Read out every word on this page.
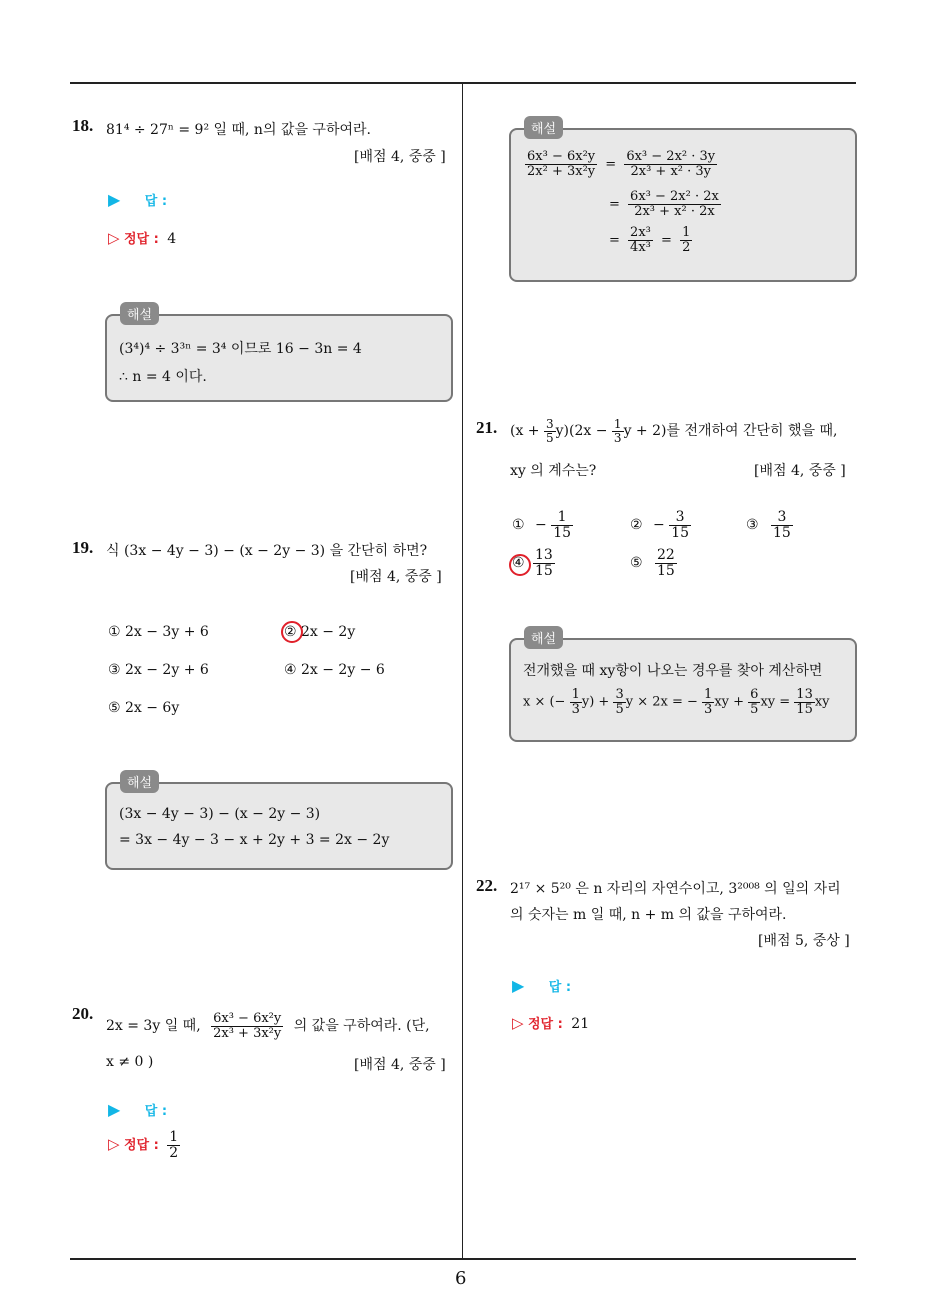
6
18. 81⁴ ÷ 27ⁿ = 9² 일 때, n의 값을 구하여라.
[배점 4, 중중 ]
▶ 답 :
▷ 정답 : 4
(3⁴)⁴ ÷ 3³ⁿ = 3⁴ 이므로 16 − 3n = 4
∴ n = 4 이다.
해설
19. 식 (3x − 4y − 3) − (x − 2y − 3) 을 간단히 하면?
[배점 4, 중중 ]
① 2x − 3y + 6	② 2x − 2y
③ 2x − 2y + 6	④ 2x − 2y − 6
⑤ 2x − 6y
(3x − 4y − 3) − (x − 2y − 3)
= 3x − 4y − 3 − x + 2y + 3 = 2x − 2y
해설
20.
2x = 3y 일 때, $\frac{\text{6x³ − 6x²y}}{\text{2x³ + 3x²y}}$ 의 값을 구하여라. (단,
x ≠ 0 )	[배점 4, 중중 ]
▶ 답 :
▷ 정답 : $\frac{1}{2}$
$\frac{\text{6x³ − 6x²y}}{\text{2x² + 3x²y}} = \frac{\text{6x³ − 2x² · 3y}}{\text{2x³ + x² · 3y}}$
= $\frac{\text{6x³ − 2x² · 2x}}{\text{2x³ + x² · 2x}}$
= $\frac{\text{2x³}}{\text{4x³}} = \frac{1}{2}$
해설
21. $(x + \frac{3}{5} y)(2x - \frac{1}{3}$ y + 2)를 전개하여 간단히 했을 때,
xy 의 계수는?	[배점 4, 중중 ]
① − $\frac{1}{15}$	② − $\frac{3}{15}$	③ $\frac{3}{15}$
④ $\frac{13}{15}$	⑤ $\frac{22}{15}$
전개했을 때 xy항이 나오는 경우를 찾아 계산하면
x × (− $\frac{1}{3} y) + \frac{3}{5}$ y × 2x = − $\frac{1}{3}$ xy + $\frac{6}{5}$ xy = $\frac{13}{15}$ xy
해설
22. 2¹⁷ × 5²⁰ 은 n 자리의 자연수이고, 3²⁰⁰⁸ 의 일의 자리
의 숫자는 m 일 때, n + m 의 값을 구하여라.
[배점 5, 중상 ]
▶ 답 :
▷ 정답 : 21
